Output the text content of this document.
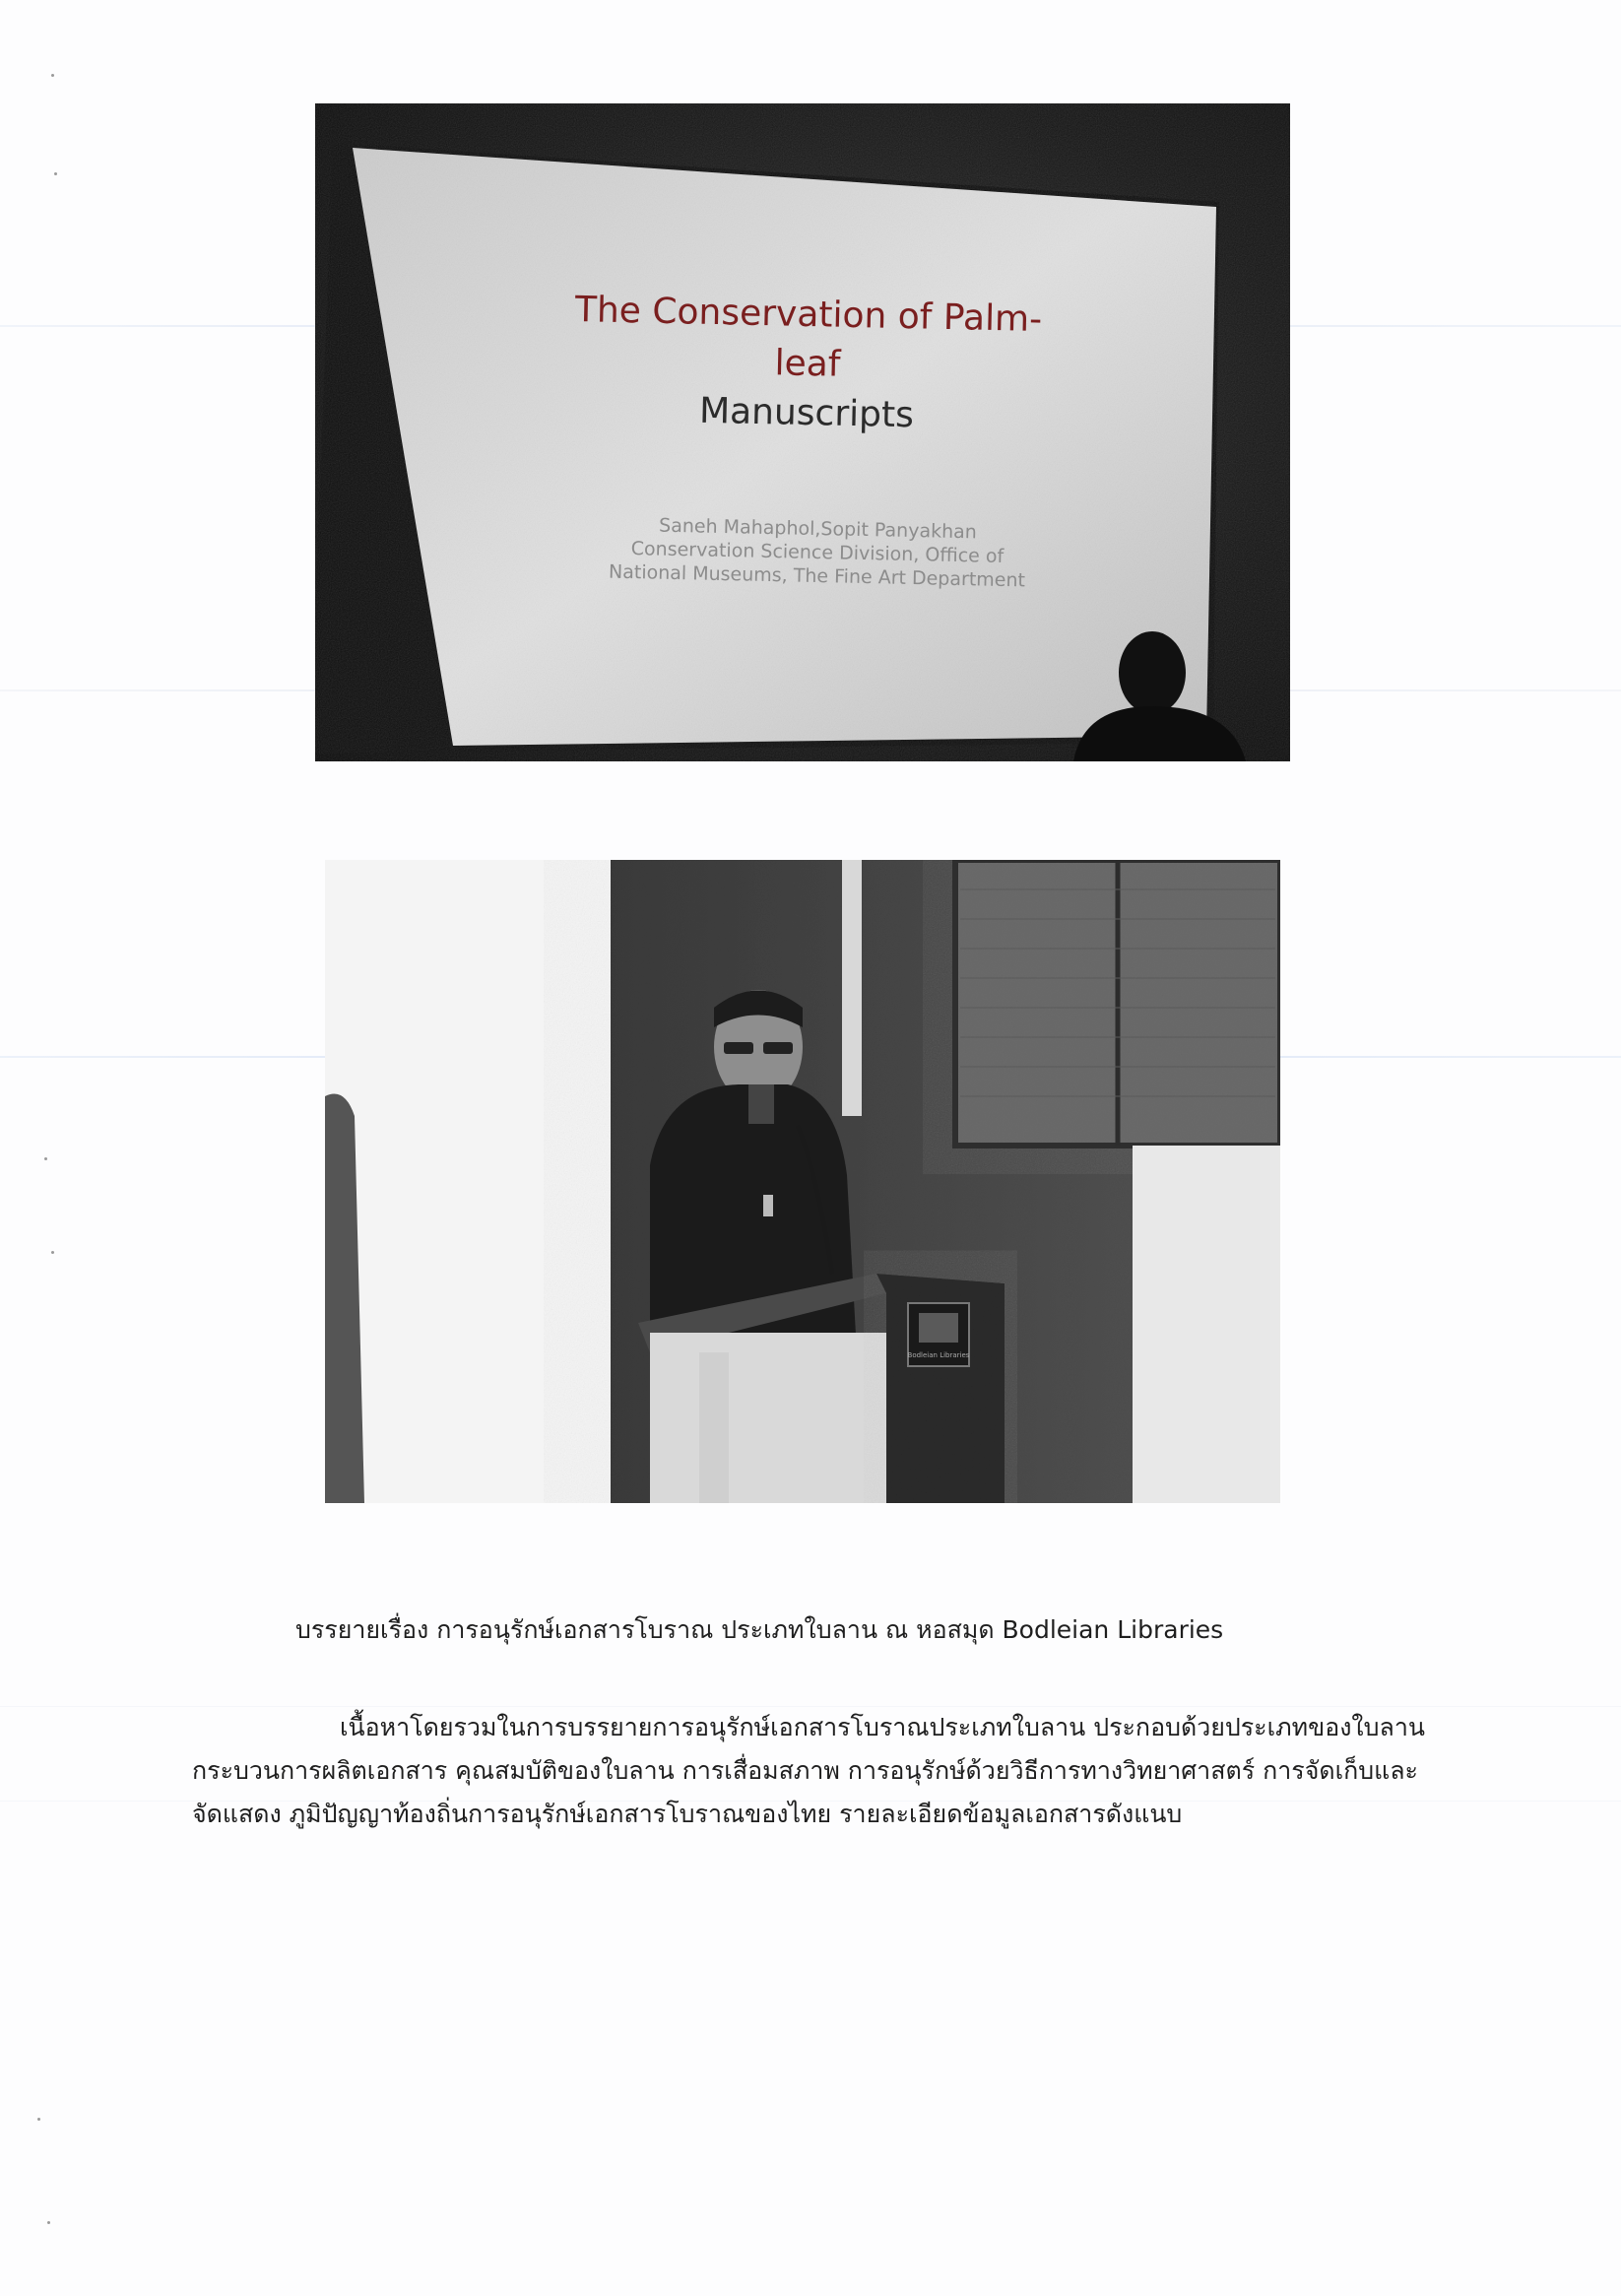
The Conservation of Palm-leaf
Manuscripts
Saneh Mahaphol,Sopit Panyakhan
Conservation Science Division, Office of
National Museums, The Fine Art Department
Bodleian Libraries
บรรยายเรื่อง การอนุรักษ์เอกสารโบราณ ประเภทใบลาน ณ หอสมุด Bodleian Libraries

เนื้อหาโดยรวมในการบรรยายการอนุรักษ์เอกสารโบราณประเภทใบลาน ประกอบด้วยประเภทของใบลาน กระบวนการผลิตเอกสาร คุณสมบัติของใบลาน การเสื่อมสภาพ การอนุรักษ์ด้วยวิธีการทางวิทยาศาสตร์ การจัดเก็บและจัดแสดง ภูมิปัญญาท้องถิ่นการอนุรักษ์เอกสารโบราณของไทย รายละเอียดข้อมูลเอกสารดังแนบ
